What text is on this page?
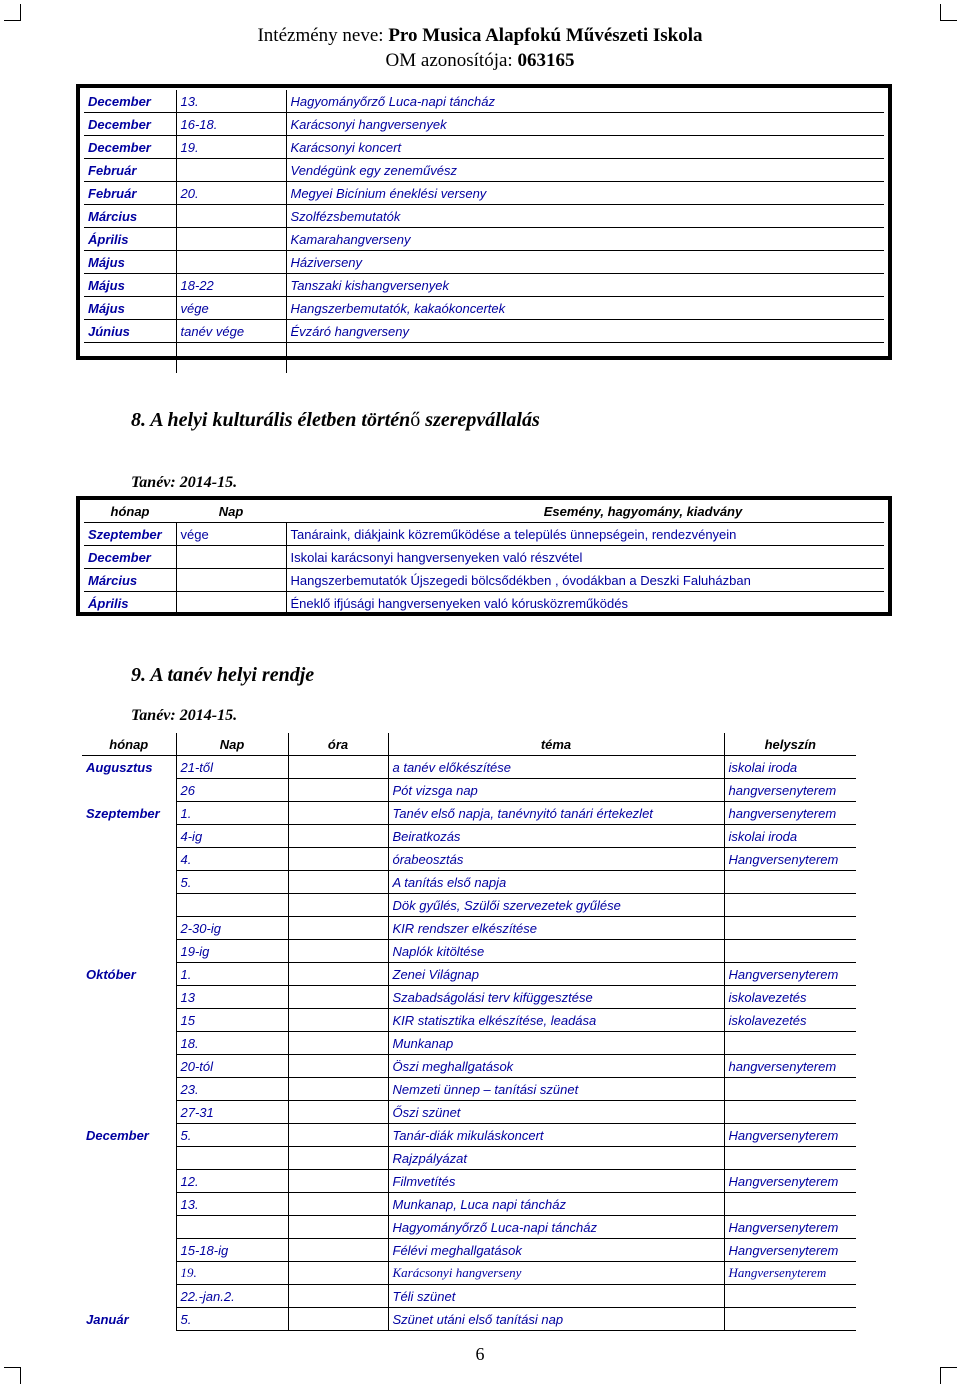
Intézmény neve: Pro Musica Alapfokú Művészeti Iskola
OM azonosítója: 063165
December	13.	Hagyományőrző Luca-napi táncház
December	16-18.	Karácsonyi hangversenyek
December	19.	Karácsonyi koncert
Február		Vendégünk egy zeneművész
Február	20.	Megyei Bicínium éneklési verseny
Március		Szolfézsbemutatók
Április		Kamarahangverseny
Május		Háziverseny
Május	18-22	Tanszaki kishangversenyek
Május	vége	Hangszerbemutatók, kakaókoncertek
Június	tanév vége	Évzáró hangverseny

8. A helyi kulturális életben történő szerepvállalás
Tanév: 2014-15.
hónap	Nap	Esemény, hagyomány, kiadvány
Szeptember	vége	Tanáraink, diákjaink közreműködése a település ünnepségein, rendezvényein
December		Iskolai karácsonyi hangversenyeken való részvétel
Március		Hangszerbemutatók Újszegedi bölcsődékben , óvodákban a Deszki Faluházban
Április		Éneklő ifjúsági hangversenyeken való kórusközreműködés
9. A tanév helyi rendje
Tanév: 2014-15.
hónap	Nap	óra	téma	helyszín
Augusztus	21-től		a tanév előkészítése	iskolai iroda
	26		Pót vizsga nap	hangversenyterem
Szeptember	1.		Tanév első napja, tanévnyitó tanári értekezlet	hangversenyterem
	4-ig		Beiratkozás	iskolai iroda
	4.		órabeosztás	Hangversenyterem
	5.		A tanítás első napja	
			Dök gyűlés, Szülői szervezetek gyűlése	
	2-30-ig		KIR rendszer elkészítése	
	19-ig		Naplók kitöltése	
Október	1.		Zenei Világnap	Hangversenyterem
	13		Szabadságolási terv kifüggesztése	iskolavezetés
	15		KIR statisztika elkészítése, leadása	iskolavezetés
	18.		Munkanap	
	20-tól		Öszi meghallgatások	hangversenyterem
	23.		Nemzeti ünnep – tanítási szünet	
	27-31		Őszi szünet	
December	5.		Tanár-diák mikuláskoncert	Hangversenyterem
			Rajzpályázat	
	12.		Filmvetítés	Hangversenyterem
	13.		Munkanap, Luca napi táncház	
			Hagyományőrző Luca-napi táncház	Hangversenyterem
	15-18-ig		Félévi meghallgatások	Hangversenyterem
	19.		Karácsonyi hangverseny	Hangversenyterem
	22.-jan.2.		Téli szünet	
Január	5.		Szünet utáni első tanítási nap	
6
